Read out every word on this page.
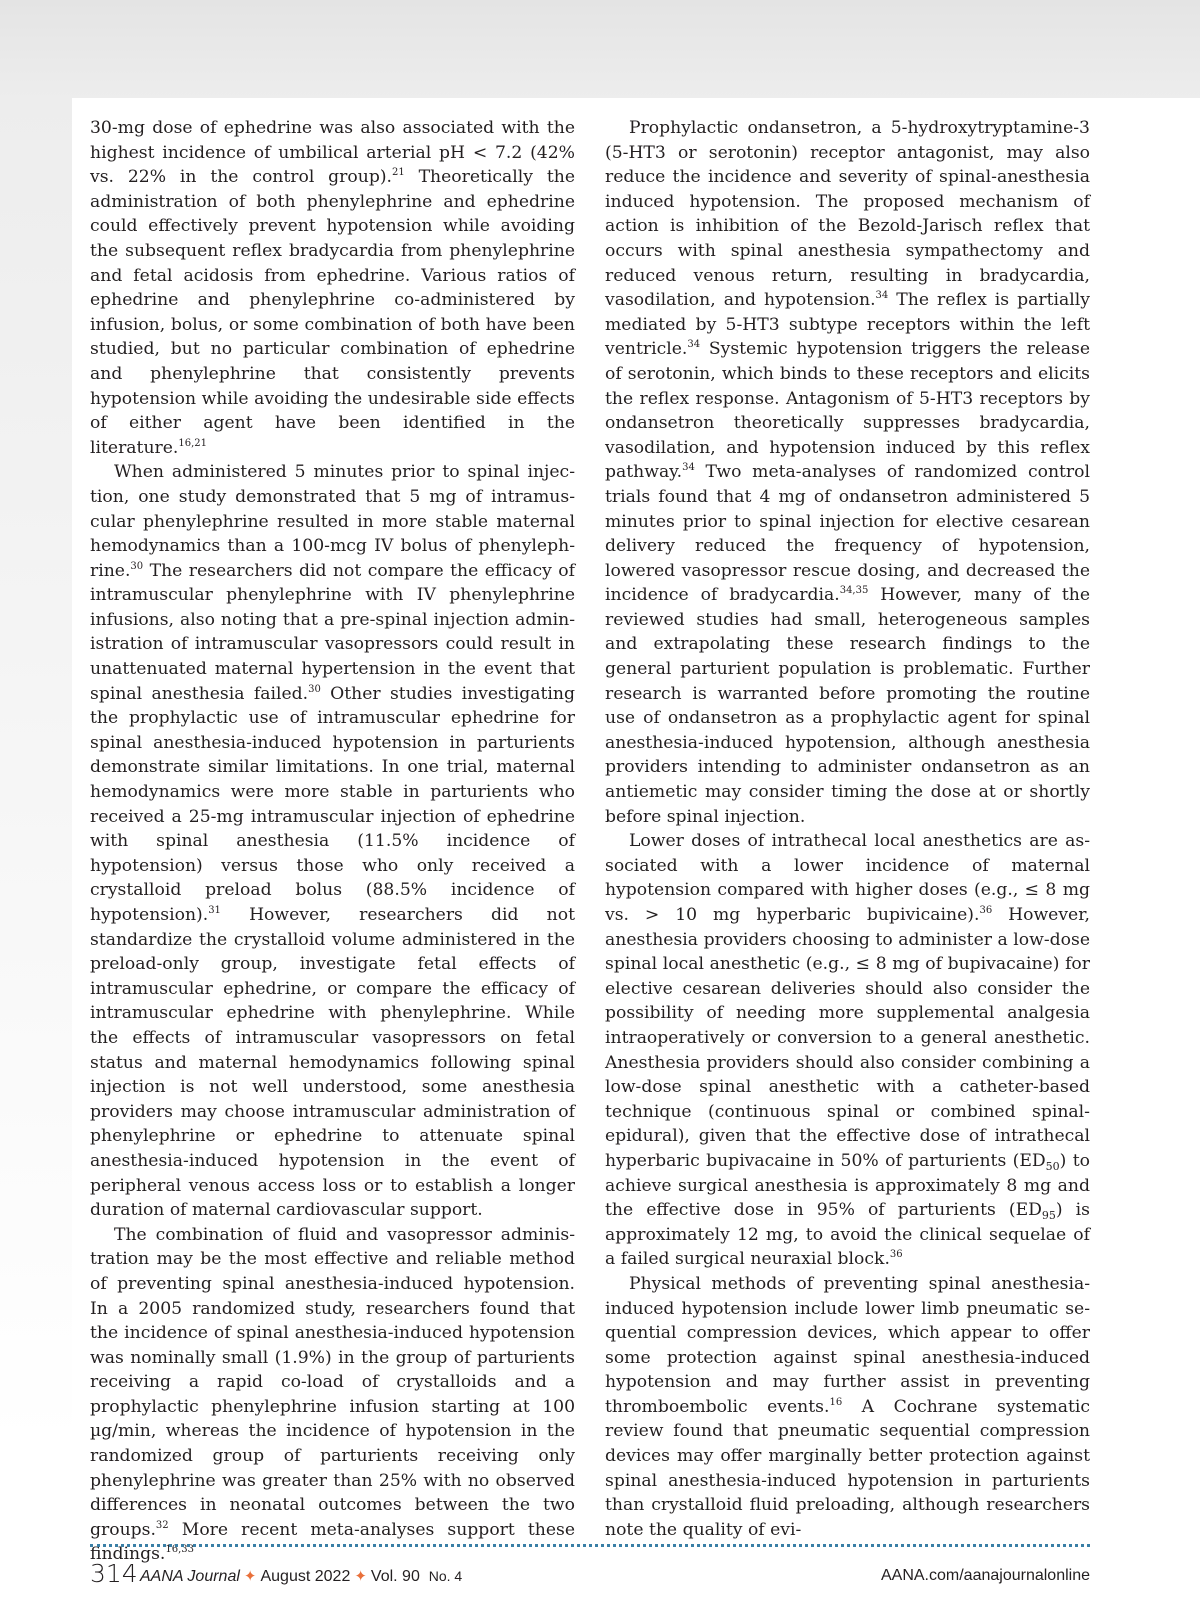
30-mg dose of ephedrine was also associated with the highest incidence of umbilical arterial pH < 7.2 (42% vs. 22% in the control group).$^{21}$ Theoretically the administration of both phenylephrine and ephedrine could effectively prevent hypotension while avoiding the subsequent reflex bradycardia from phenylephrine and fetal acidosis from ephedrine. Various ratios of ephedrine and phenylephrine co-administered by infusion, bolus, or some combination of both have been studied, but no particular combination of ephedrine and phenylephrine that consistently prevents hypotension while avoiding the undesirable side effects of either agent have been identified in the literature.$^{16,21}$

When administered 5 minutes prior to spinal injection, one study demonstrated that 5 mg of intramuscular phenylephrine resulted in more stable maternal hemodynamics than a 100-mcg IV bolus of phenylephrine.$^{30}$ The researchers did not compare the efficacy of intramuscular phenylephrine with IV phenylephrine infusions, also noting that a pre-spinal injection administration of intramuscular vasopressors could result in unattenuated maternal hypertension in the event that spinal anesthesia failed.$^{30}$ Other studies investigating the prophylactic use of intramuscular ephedrine for spinal anesthesia-induced hypotension in parturients demonstrate similar limitations. In one trial, maternal hemodynamics were more stable in parturients who received a 25-mg intramuscular injection of ephedrine with spinal anesthesia (11.5% incidence of hypotension) versus those who only received a crystalloid preload bolus (88.5% incidence of hypotension).$^{31}$ However, researchers did not standardize the crystalloid volume administered in the preload-only group, investigate fetal effects of intramuscular ephedrine, or compare the efficacy of intramuscular ephedrine with phenylephrine. While the effects of intramuscular vasopressors on fetal status and maternal hemodynamics following spinal injection is not well understood, some anesthesia providers may choose intramuscular administration of phenylephrine or ephedrine to attenuate spinal anesthesia-induced hypotension in the event of peripheral venous access loss or to establish a longer duration of maternal cardiovascular support.

The combination of fluid and vasopressor administration may be the most effective and reliable method of preventing spinal anesthesia-induced hypotension. In a 2005 randomized study, researchers found that the incidence of spinal anesthesia-induced hypotension was nominally small (1.9%) in the group of parturients receiving a rapid co-load of crystalloids and a prophylactic phenylephrine infusion starting at 100 µg/min, whereas the incidence of hypotension in the randomized group of parturients receiving only phenylephrine was greater than 25% with no observed differences in neonatal outcomes between the two groups.$^{32}$ More recent meta-analyses support these findings.$^{16,33}$

Prophylactic ondansetron, a 5-hydroxytryptamine-3 (5-HT3 or serotonin) receptor antagonist, may also reduce the incidence and severity of spinal-anesthesia induced hypotension. The proposed mechanism of action is inhibition of the Bezold-Jarisch reflex that occurs with spinal anesthesia sympathectomy and reduced venous return, resulting in bradycardia, vasodilation, and hypotension.$^{34}$ The reflex is partially mediated by 5-HT3 subtype receptors within the left ventricle.$^{34}$ Systemic hypotension triggers the release of serotonin, which binds to these receptors and elicits the reflex response. Antagonism of 5-HT3 receptors by ondansetron theoretically suppresses bradycardia, vasodilation, and hypotension induced by this reflex pathway.$^{34}$ Two meta-analyses of randomized control trials found that 4 mg of ondansetron administered 5 minutes prior to spinal injection for elective cesarean delivery reduced the frequency of hypotension, lowered vasopressor rescue dosing, and decreased the incidence of bradycardia.$^{34,35}$ However, many of the reviewed studies had small, heterogeneous samples and extrapolating these research findings to the general parturient population is problematic. Further research is warranted before promoting the routine use of ondansetron as a prophylactic agent for spinal anesthesia-induced hypotension, although anesthesia providers intending to administer ondansetron as an antiemetic may consider timing the dose at or shortly before spinal injection.

Lower doses of intrathecal local anesthetics are associated with a lower incidence of maternal hypotension compared with higher doses (e.g., ≤ 8 mg vs. > 10 mg hyperbaric bupivicaine).$^{36}$ However, anesthesia providers choosing to administer a low-dose spinal local anesthetic (e.g., ≤ 8 mg of bupivacaine) for elective cesarean deliveries should also consider the possibility of needing more supplemental analgesia intraoperatively or conversion to a general anesthetic. Anesthesia providers should also consider combining a low-dose spinal anesthetic with a catheter-based technique (continuous spinal or combined spinal-epidural), given that the effective dose of intrathecal hyperbaric bupivacaine in 50% of parturients $(ED_{50})$ to achieve surgical anesthesia is approximately 8 mg and the effective dose in 95% of parturients $(ED_{95})$ is approximately 12 mg, to avoid the clinical sequelae of a failed surgical neuraxial block.$^{36}$

Physical methods of preventing spinal anesthesia-induced hypotension include lower limb pneumatic sequential compression devices, which appear to offer some protection against spinal anesthesia-induced hypotension and may further assist in preventing thromboembolic events.$^{16}$ A Cochrane systematic review found that pneumatic sequential compression devices may offer marginally better protection against spinal anesthesia-induced hypotension in parturients than crystalloid fluid preloading, although researchers note the quality of evi-

314 AANA Journal ✦ August 2022 ✦ Vol. 90 No. 4	AANA.com/aanajournalonline
